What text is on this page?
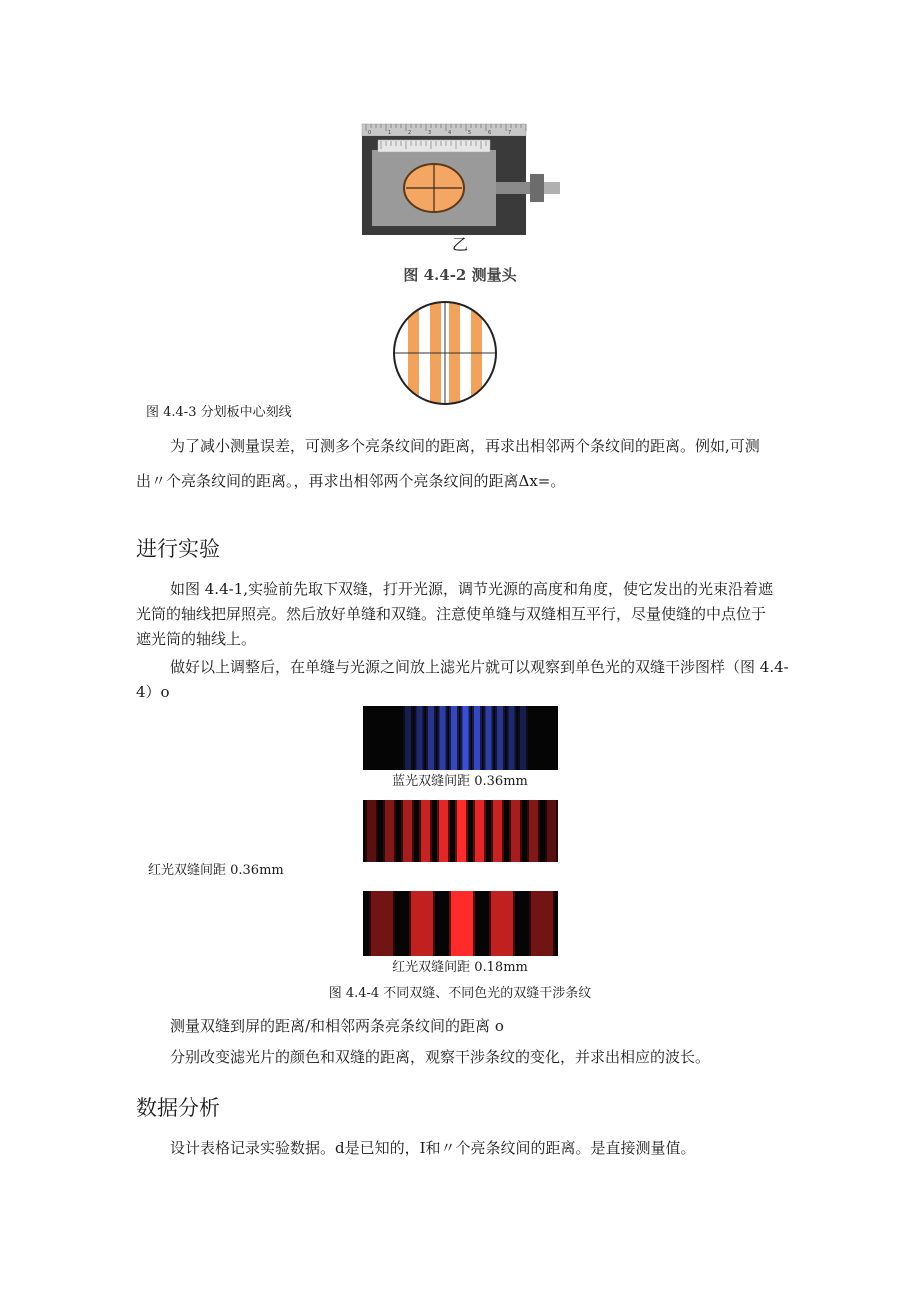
0	1	2	3	4	5	6	7
乙
图 4.4-2 测量头
图 4.4-3 分划板中心刻线
为了减小测量误差，可测多个亮条纹间的距离，再求出相邻两个条纹间的距离。例如,可测
出〃个亮条纹间的距离。，再求出相邻两个亮条纹间的距离Δx=。
进行实验
如图 4.4-1,实验前先取下双缝，打开光源，调节光源的高度和角度，使它发出的光束沿着遮
光筒的轴线把屏照亮。然后放好单缝和双缝。注意使单缝与双缝相互平行，尽量使缝的中点位于
遮光筒的轴线上。
做好以上调整后，在单缝与光源之间放上滤光片就可以观察到单色光的双缝干涉图样（图 4.4-
4）o
蓝光双缝间距 0.36mm
红光双缝间距 0.36mm
红光双缝间距 0.18mm
图 4.4-4 不同双缝、不同色光的双缝干涉条纹
测量双缝到屏的距离/和相邻两条亮条纹间的距离 o
分别改变滤光片的颜色和双缝的距离，观察干涉条纹的变化，并求出相应的波长。
数据分析
设计表格记录实验数据。d是已知的，I和〃个亮条纹间的距离。是直接测量值。
